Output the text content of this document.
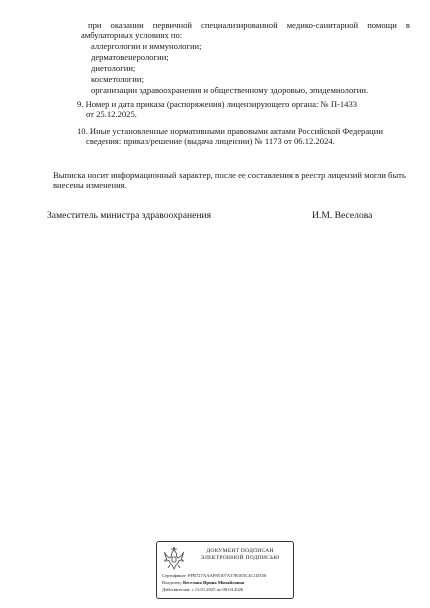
при оказании первичной специализированной медико-санитарной помощи в
амбулаторных условиях по:
аллергологии и иммунологии;
дерматовенерологии;
диетологии;
косметологии;
организации здравоохранения и общественному здоровью, эпидемиологии.
9. Номер и дата приказа (распоряжения) лицензирующего органа: № П-1433
от 25.12.2025.
10. Иные установленные нормативными правовыми актами Российской Федерации
сведения: приказ/решение (выдача лицензии) № 1173 от 06.12.2024.
Выписка носит информационный характер, после ее составления в реестр лицензий могли быть
внесены изменения.
Заместитель министра здравоохранения	И.М. Веселова
ДОКУМЕНТ ПОДПИСАН
ЭЛЕКТРОННОЙ ПОДПИСЬЮ
Сертификат: FFB727AAAF85107A37B1E5C4C1D350
Владелец: Веселова Ирина Михайловна
Действителен: с 13.01.2025 по 08.04.2026
